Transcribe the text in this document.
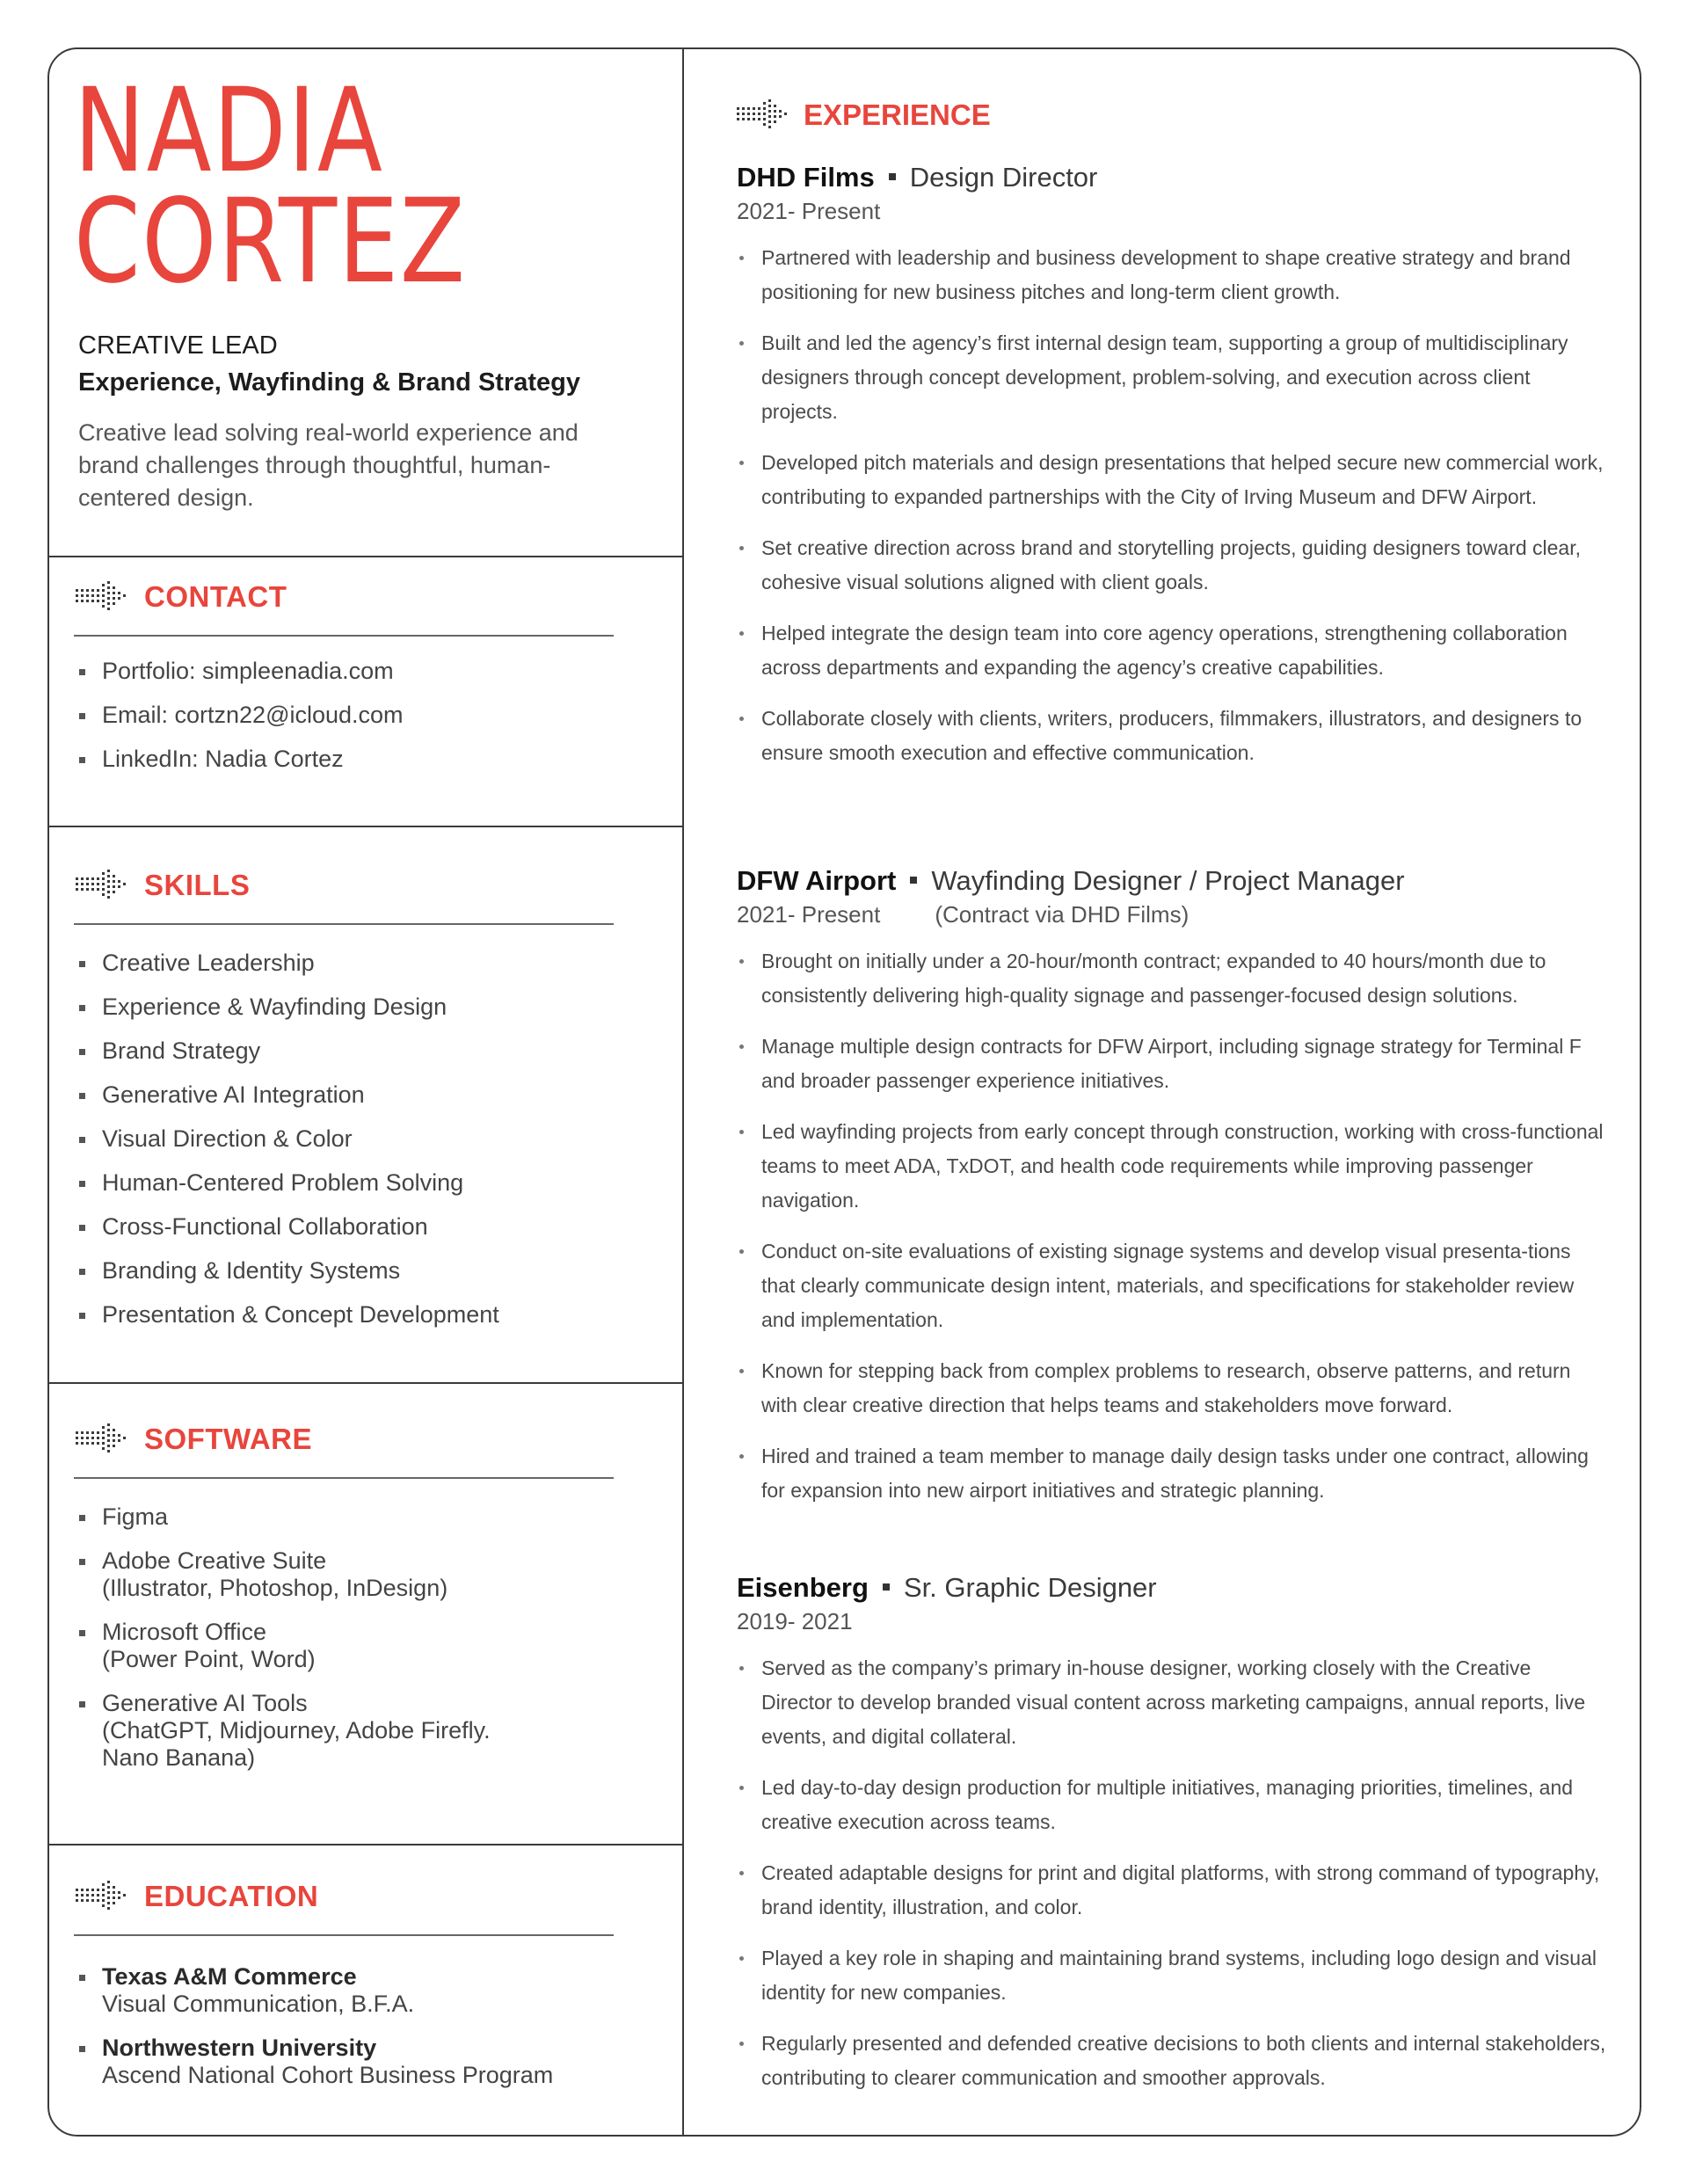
NADIA
CORTEZ
CREATIVE LEAD
Experience, Wayfinding & Brand Strategy
Creative lead solving real-world experience and brand challenges through thoughtful, human-centered design.
CONTACT
Portfolio: simpleenadia.com
Email: cortzn22@icloud.com
LinkedIn: Nadia Cortez
SKILLS
Creative Leadership
Experience & Wayfinding Design
Brand Strategy
Generative AI Integration
Visual Direction & Color
Human-Centered Problem Solving
Cross-Functional Collaboration
Branding & Identity Systems
Presentation & Concept Development
SOFTWARE
Figma
Adobe Creative Suite
(Illustrator, Photoshop, InDesign)
Microsoft Office
(Power Point, Word)
Generative AI Tools
(ChatGPT, Midjourney, Adobe Firefly. Nano Banana)
EDUCATION
Texas A&M Commerce
Visual Communication, B.F.A.
Northwestern University
Ascend National Cohort Business Program
EXPERIENCE
DHD Films Design Director
2021- Present
Partnered with leadership and business development to shape creative strategy and brand positioning for new business pitches and long-term client growth.
Built and led the agency’s first internal design team, supporting a group of multidisciplinary designers through concept development, problem-solving, and execution across client projects.
Developed pitch materials and design presentations that helped secure new commercial work, contributing to expanded partnerships with the City of Irving Museum and DFW Airport.
Set creative direction across brand and storytelling projects, guiding designers toward clear, cohesive visual solutions aligned with client goals.
Helped integrate the design team into core agency operations, strengthening collaboration across departments and expanding the agency’s creative capabilities.
Collaborate closely with clients, writers, producers, filmmakers, illustrators, and designers to ensure smooth execution and effective communication.
DFW Airport Wayfinding Designer / Project Manager
2021- Present (Contract via DHD Films)
Brought on initially under a 20-hour/month contract; expanded to 40 hours/month due to consistently delivering high-quality signage and passenger-focused design solutions.
Manage multiple design contracts for DFW Airport, including signage strategy for Terminal F and broader passenger experience initiatives.
Led wayfinding projects from early concept through construction, working with cross-functional teams to meet ADA, TxDOT, and health code requirements while improving passenger navigation.
Conduct on-site evaluations of existing signage systems and develop visual presenta-tions that clearly communicate design intent, materials, and specifications for stakeholder review and implementation.
Known for stepping back from complex problems to research, observe patterns, and return with clear creative direction that helps teams and stakeholders move forward.
Hired and trained a team member to manage daily design tasks under one contract, allowing for expansion into new airport initiatives and strategic planning.
Eisenberg Sr. Graphic Designer
2019- 2021
Served as the company’s primary in-house designer, working closely with the Creative Director to develop branded visual content across marketing campaigns, annual reports, live events, and digital collateral.
Led day-to-day design production for multiple initiatives, managing priorities, timelines, and creative execution across teams.
Created adaptable designs for print and digital platforms, with strong command of typography, brand identity, illustration, and color.
Played a key role in shaping and maintaining brand systems, including logo design and visual identity for new companies.
Regularly presented and defended creative decisions to both clients and internal stakeholders, contributing to clearer communication and smoother approvals.
